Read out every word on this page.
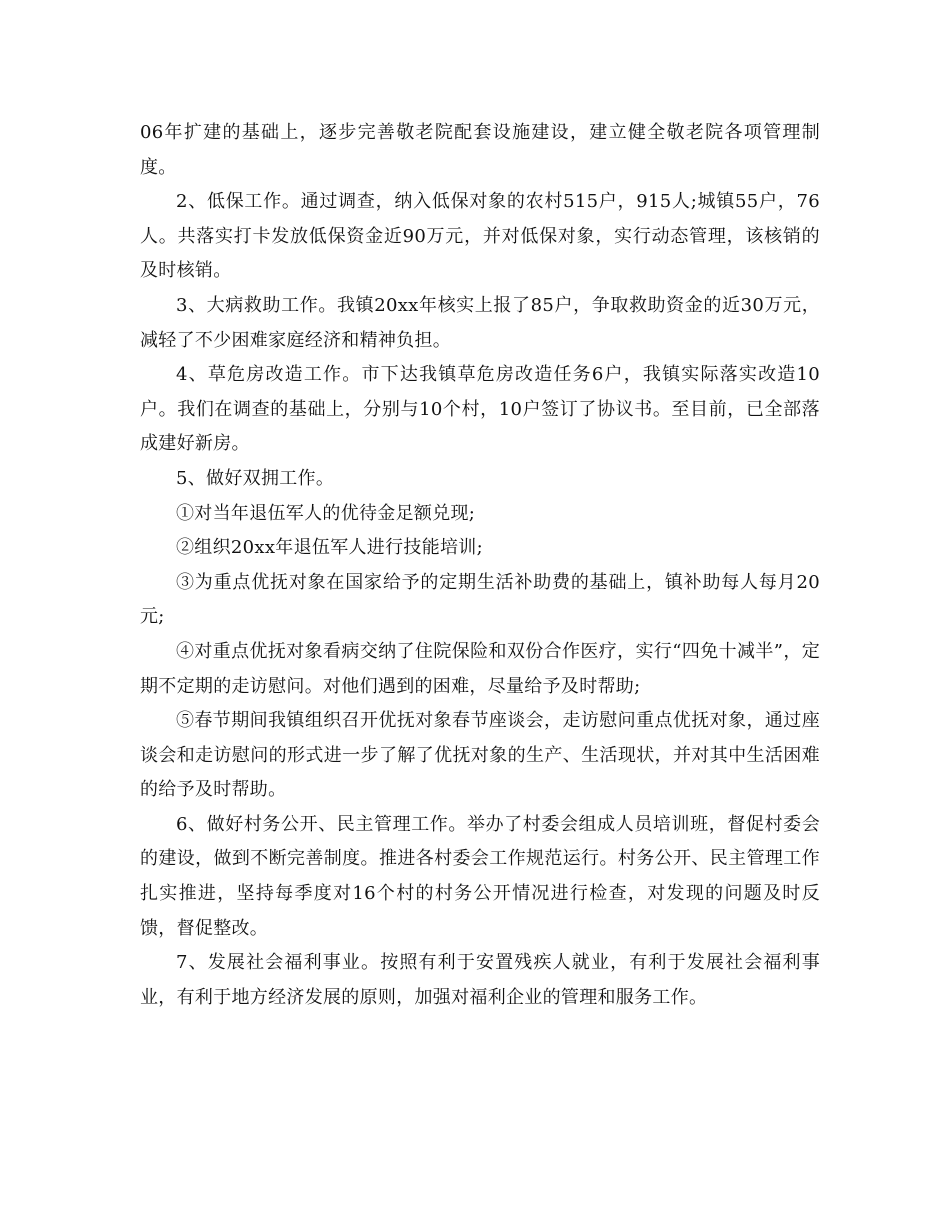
06年扩建的基础上，逐步完善敬老院配套设施建设，建立健全敬老院各项管理制度。

2、低保工作。通过调查，纳入低保对象的农村515户，915人;城镇55户，76人。共落实打卡发放低保资金近90万元，并对低保对象，实行动态管理，该核销的及时核销。

3、大病救助工作。我镇20xx年核实上报了85户，争取救助资金的近30万元，减轻了不少困难家庭经济和精神负担。

4、草危房改造工作。市下达我镇草危房改造任务6户，我镇实际落实改造10户。我们在调查的基础上，分别与10个村，10户签订了协议书。至目前，已全部落成建好新房。

5、做好双拥工作。

①对当年退伍军人的优待金足额兑现;

②组织20xx年退伍军人进行技能培训;

③为重点优抚对象在国家给予的定期生活补助费的基础上，镇补助每人每月20元;

④对重点优抚对象看病交纳了住院保险和双份合作医疗，实行“四免十减半”，定期不定期的走访慰问。对他们遇到的困难，尽量给予及时帮助;

⑤春节期间我镇组织召开优抚对象春节座谈会，走访慰问重点优抚对象，通过座谈会和走访慰问的形式进一步了解了优抚对象的生产、生活现状，并对其中生活困难的给予及时帮助。

6、做好村务公开、民主管理工作。举办了村委会组成人员培训班，督促村委会的建设，做到不断完善制度。推进各村委会工作规范运行。村务公开、民主管理工作扎实推进，坚持每季度对16个村的村务公开情况进行检查，对发现的问题及时反馈，督促整改。

7、发展社会福利事业。按照有利于安置残疾人就业，有利于发展社会福利事业，有利于地方经济发展的原则，加强对福利企业的管理和服务工作。
